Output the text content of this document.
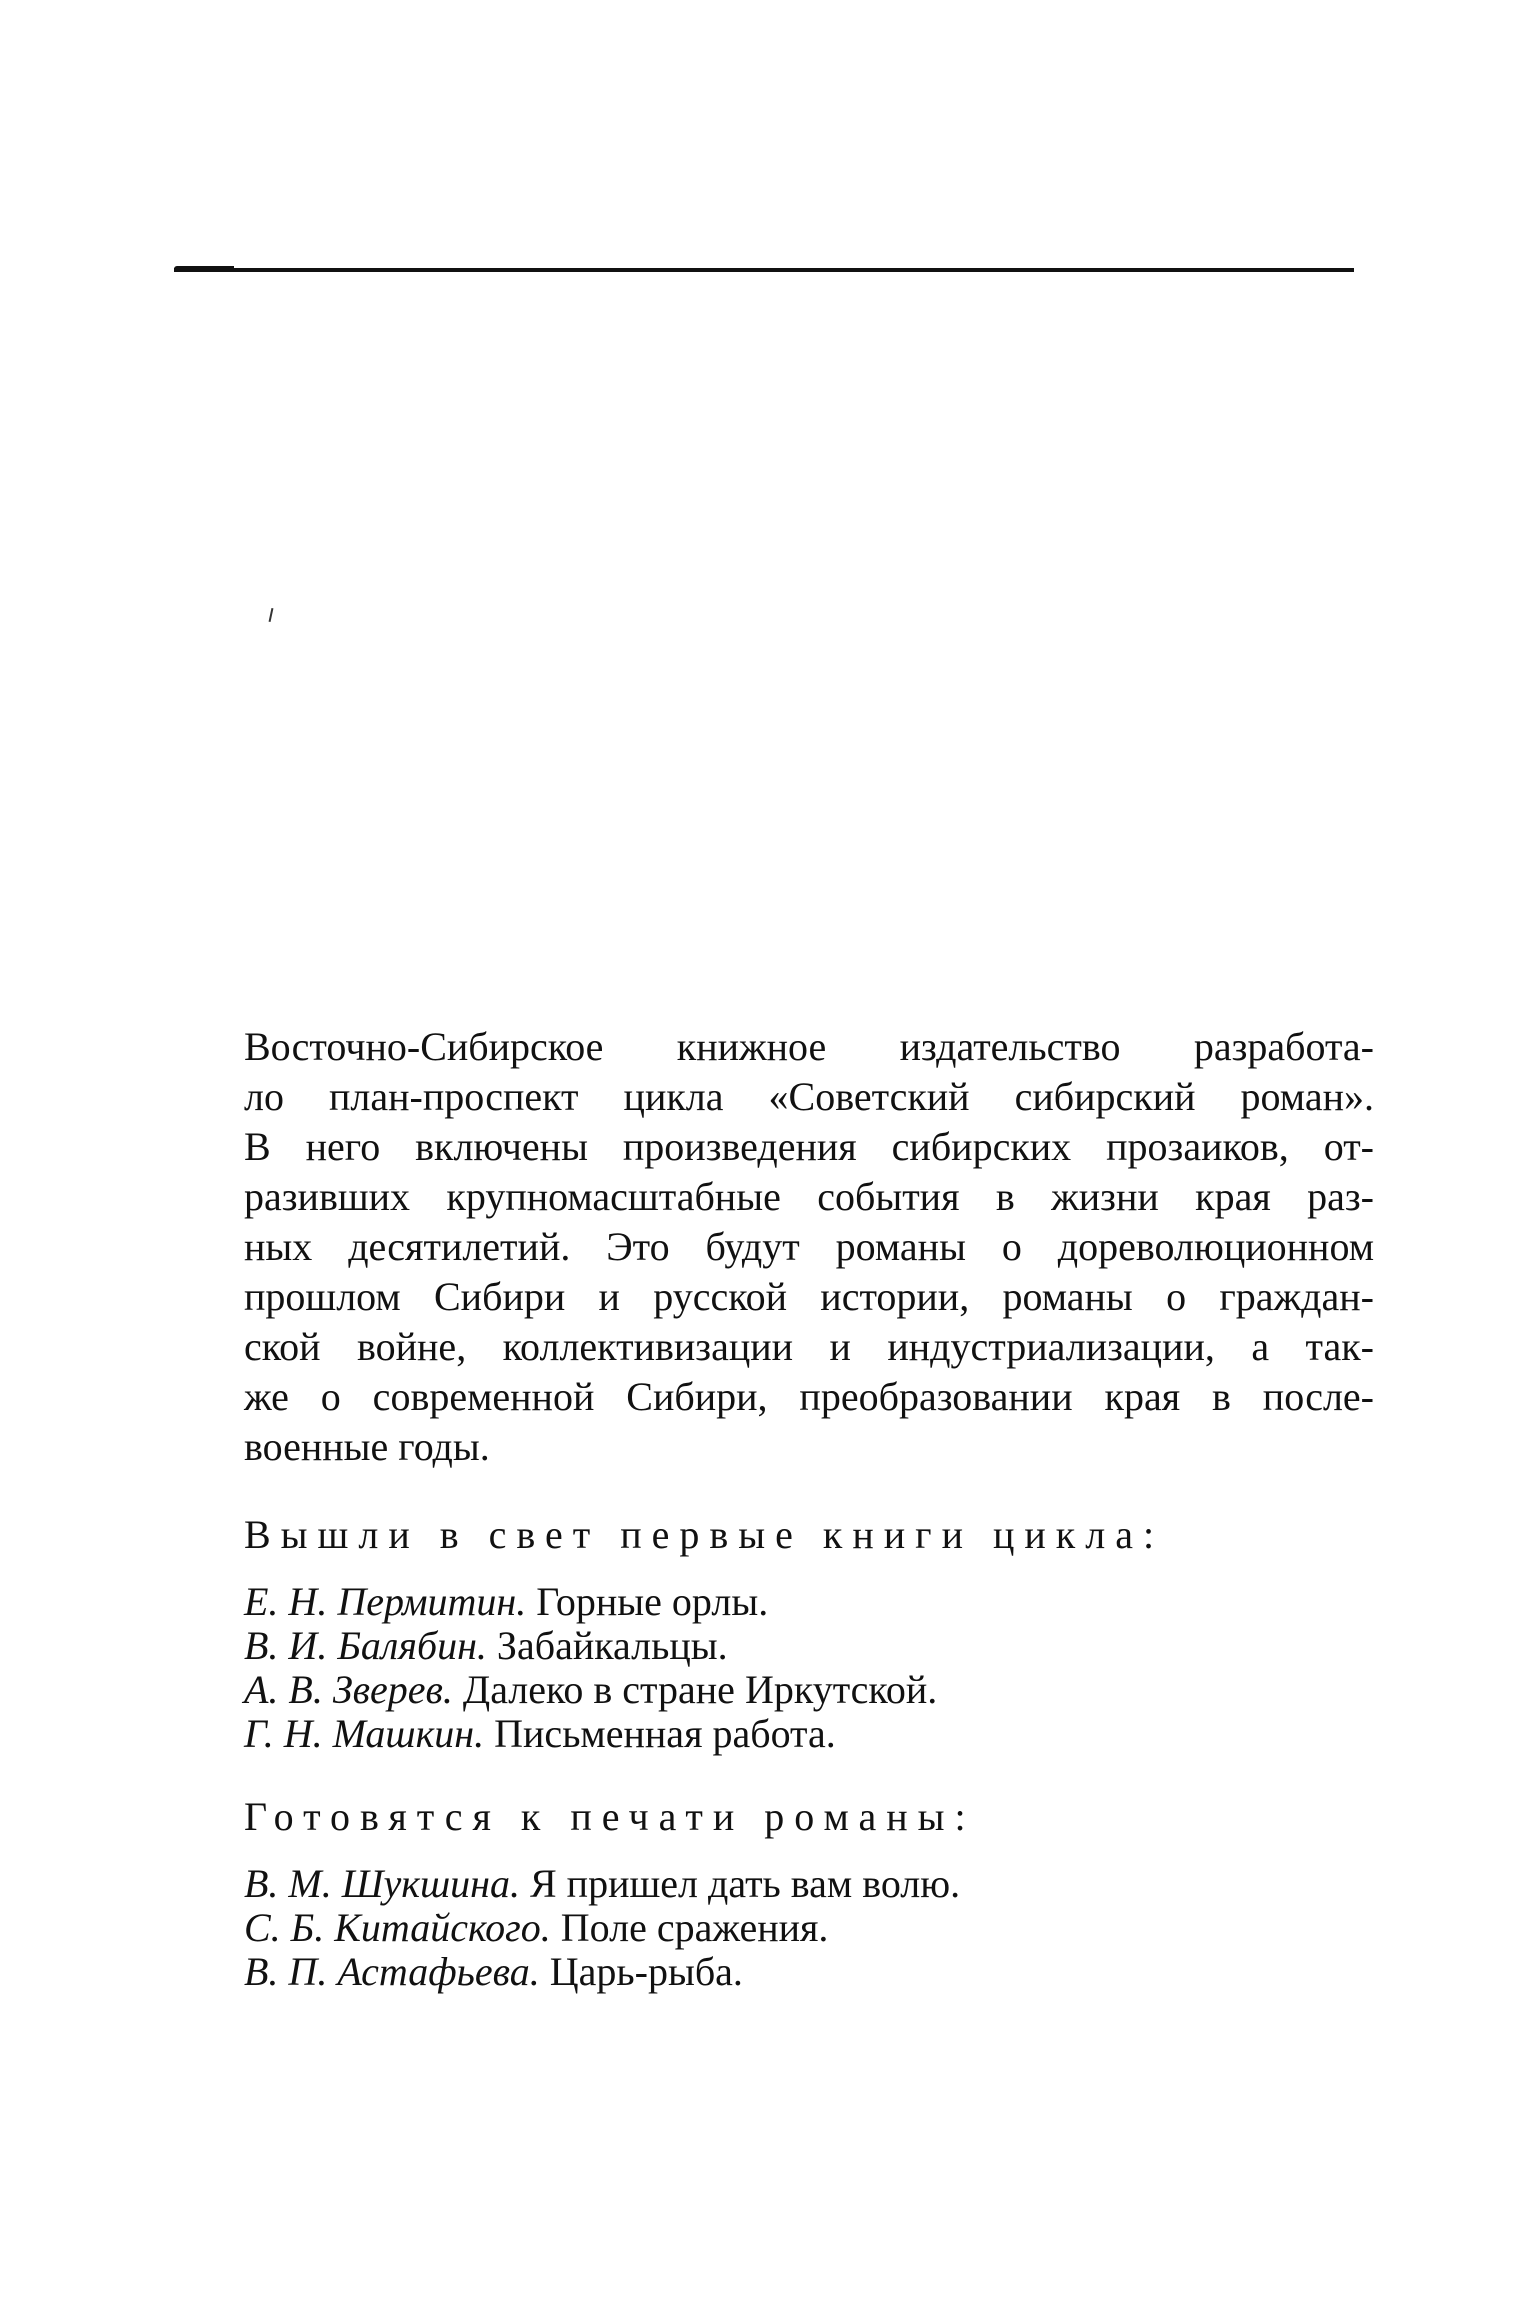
Восточно-Сибирское книжное издательство разработа-
ло план-проспект цикла «Советский сибирский роман».
В него включены произведения сибирских прозаиков, от-
разивших крупномасштабные события в жизни края раз-
ных десятилетий. Это будут романы о дореволюционном
прошлом Сибири и русской истории, романы о граждан-
ской войне, коллективизации и индустриализации, а так-
же о современной Сибири, преобразовании края в после-
военные годы.

Вышли в свет первые книги цикла:
Е. Н. Пермитин. Горные орлы.
В. И. Балябин. Забайкальцы.
А. В. Зверев. Далеко в стране Иркутской.
Г. Н. Машкин. Письменная работа.
Готовятся к печати романы:
В. М. Шукшина. Я пришел дать вам волю.
С. Б. Китайского. Поле сражения.
В. П. Астафьева. Царь-рыба.
